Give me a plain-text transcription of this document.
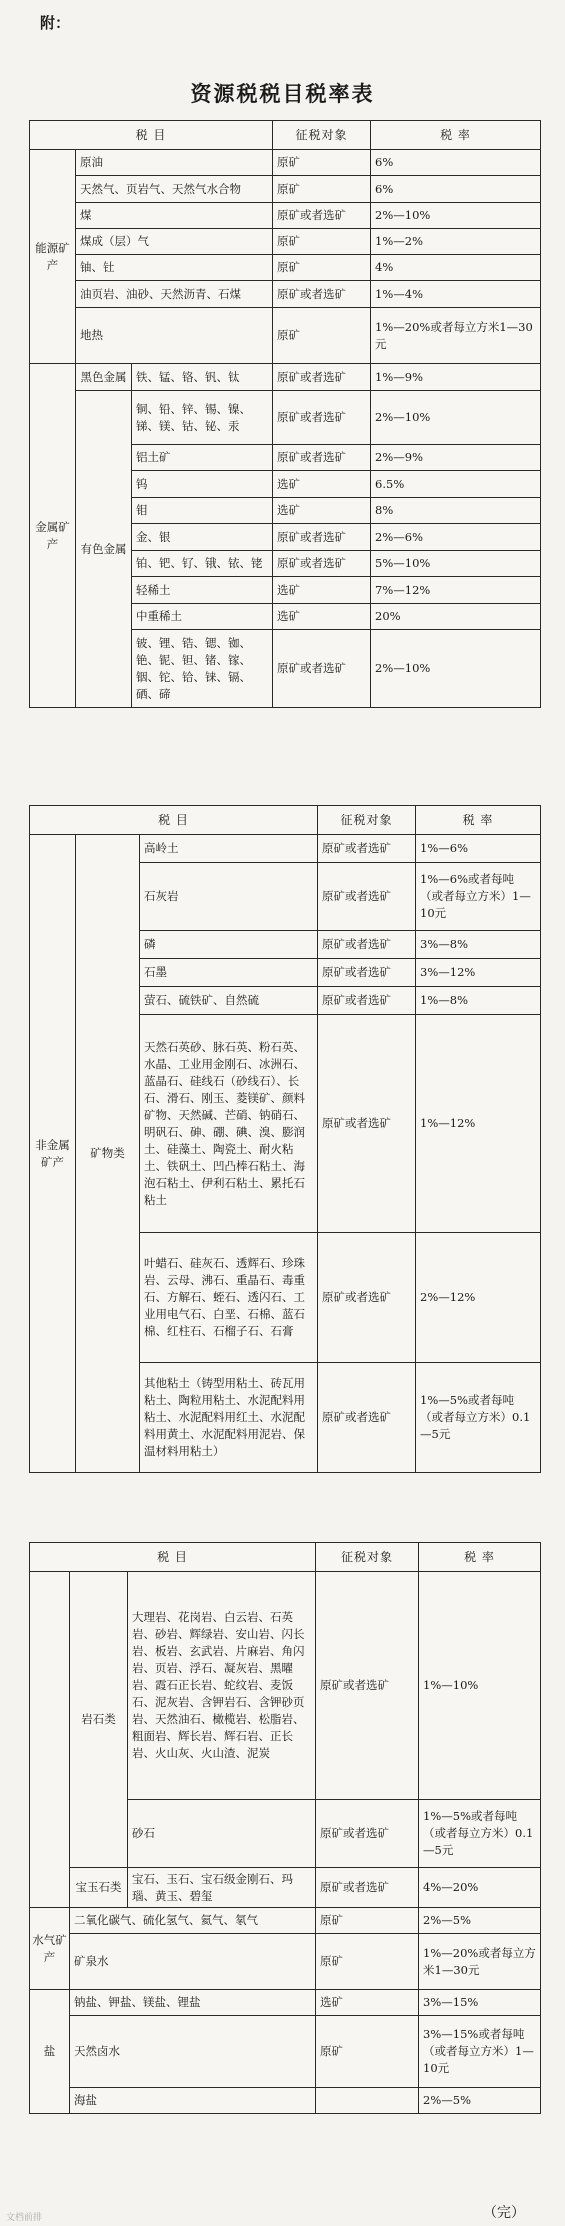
附：
资源税税目税率表
税 目			征税对象	税 率
能源矿产	原油		原矿	6%
	天然气、页岩气、天然气水合物		原矿	6%
	煤		原矿或者选矿	2%—10%
	煤成（层）气		原矿	1%—2%
	铀、钍		原矿	4%
	油页岩、油砂、天然沥青、石煤		原矿或者选矿	1%—4%
	地热		原矿	1%—20%或者每立方米1—30元
金属矿产	黑色金属	铁、锰、铬、钒、钛	原矿或者选矿	1%—9%
	有色金属	铜、铅、锌、锡、镍、锑、镁、钴、铋、汞	原矿或者选矿	2%—10%
		铝土矿	原矿或者选矿	2%—9%
		钨	选矿	6.5%
		钼	选矿	8%
		金、银	原矿或者选矿	2%—6%
		铂、钯、钌、锇、铱、铑	原矿或者选矿	5%—10%
		轻稀土	选矿	7%—12%
		中重稀土	选矿	20%
		铍、锂、锆、锶、铷、铯、铌、钽、锗、镓、铟、铊、铪、铼、镉、硒、碲	原矿或者选矿	2%—10%
税 目			征税对象	税 率
非金属矿产	矿物类	高岭土	原矿或者选矿	1%—6%
		石灰岩	原矿或者选矿	1%—6%或者每吨（或者每立方米）1—10元
		磷	原矿或者选矿	3%—8%
		石墨	原矿或者选矿	3%—12%
		萤石、硫铁矿、自然硫	原矿或者选矿	1%—8%
		天然石英砂、脉石英、粉石英、水晶、工业用金刚石、冰洲石、蓝晶石、硅线石（砂线石）、长石、滑石、刚玉、菱镁矿、颜料矿物、天然碱、芒硝、钠硝石、明矾石、砷、硼、碘、溴、膨润土、硅藻土、陶瓷土、耐火粘土、铁矾土、凹凸棒石粘土、海泡石粘土、伊利石粘土、累托石粘土	原矿或者选矿	1%—12%
		叶蜡石、硅灰石、透辉石、珍珠岩、云母、沸石、重晶石、毒重石、方解石、蛭石、透闪石、工业用电气石、白垩、石棉、蓝石棉、红柱石、石榴子石、石膏	原矿或者选矿	2%—12%
		其他粘土（铸型用粘土、砖瓦用粘土、陶粒用粘土、水泥配料用粘土、水泥配料用红土、水泥配料用黄土、水泥配料用泥岩、保温材料用粘土）	原矿或者选矿	1%—5%或者每吨（或者每立方米）0.1—5元
税 目			征税对象	税 率
	岩石类	大理岩、花岗岩、白云岩、石英岩、砂岩、辉绿岩、安山岩、闪长岩、板岩、玄武岩、片麻岩、角闪岩、页岩、浮石、凝灰岩、黑曜岩、霞石正长岩、蛇纹岩、麦饭石、泥灰岩、含钾岩石、含钾砂页岩、天然油石、橄榄岩、松脂岩、粗面岩、辉长岩、辉石岩、正长岩、火山灰、火山渣、泥炭	原矿或者选矿	1%—10%
		砂石	原矿或者选矿	1%—5%或者每吨（或者每立方米）0.1—5元
	宝玉石类	宝石、玉石、宝石级金刚石、玛瑙、黄玉、碧玺	原矿或者选矿	4%—20%
水气矿产	二氧化碳气、硫化氢气、氦气、氡气		原矿	2%—5%
	矿泉水		原矿	1%—20%或者每立方米1—30元
盐	钠盐、钾盐、镁盐、锂盐		选矿	3%—15%
	天然卤水		原矿	3%—15%或者每吨（或者每立方米）1—10元
	海盐			2%—5%
（完）
文档前排
